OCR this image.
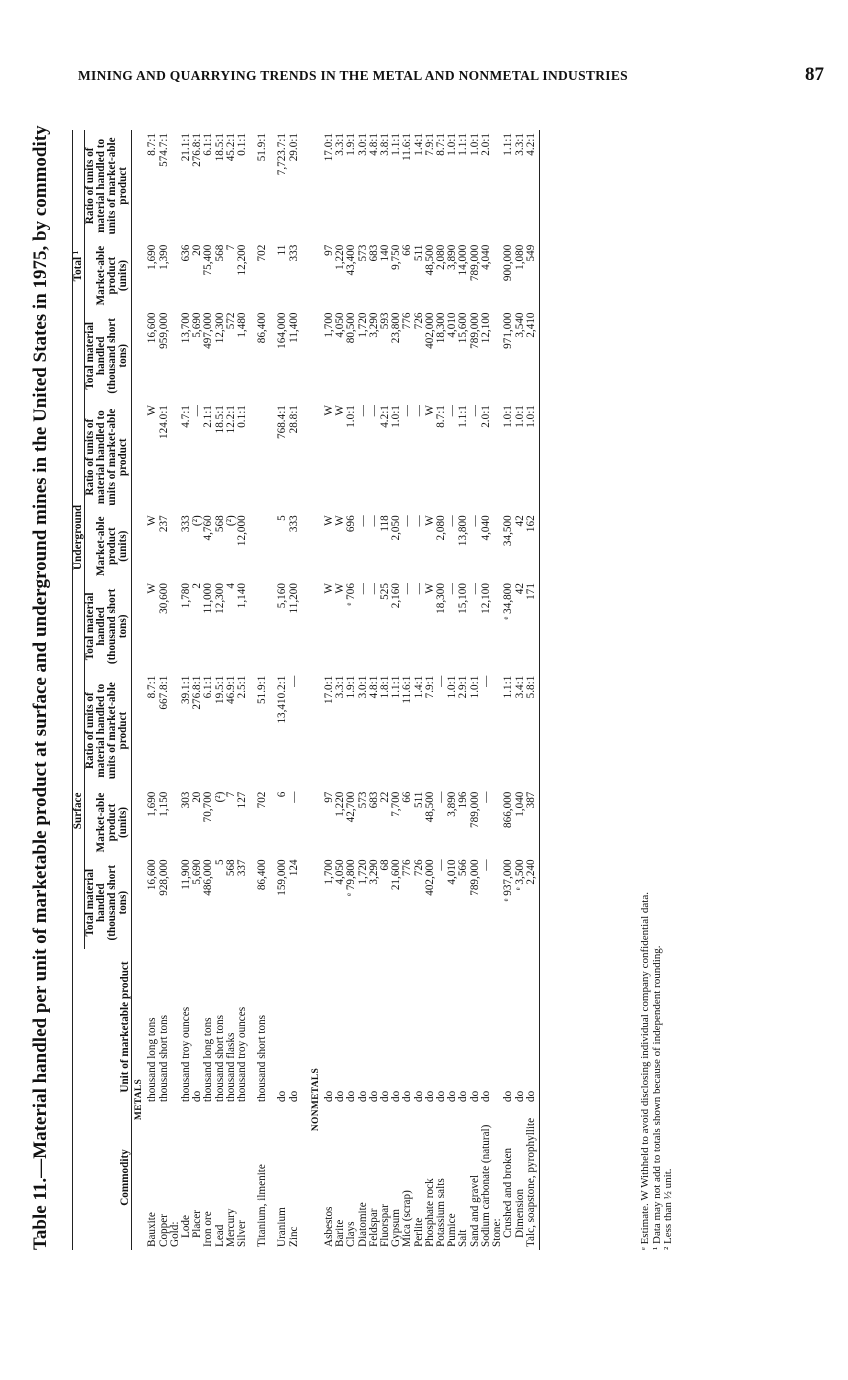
MINING AND QUARRYING TRENDS IN THE METAL AND NONMETAL INDUSTRIES	87
Table 11.—Material handled per unit of marketable product at surface and underground mines in the United States in 1975, by commodity	Commodity	Unit of marketable product	Surface			Underground			Total ¹		
		Total material handled (thousand short tons)	Market-able product (units)	Ratio of units of material handled to units of market-able product	Total material handled (thousand short tons)	Market-able product (units)	Ratio of units of material handled to units of market-able product	Total material handled (thousand short tons)	Market-able product (units)	Ratio of units of material handled to units of market-able product
METALS										
Bauxite	thousand long tons	16,600	1,690	8.7:1	W	W	W	16,600	1,690	8.7:1
Copper	thousand short tons	928,000	1,150	667.8:1	30,600	237	124.0:1	959,000	1,390	574.7:1
Gold:										
Lode	thousand troy ounces	11,900	303	39.1:1	1,780	333	4.7:1	13,700	636	21.1:1
Placer	do	5,690	20	276.8:1	2	(²)	—	5,690	20	276.8:1
Iron ore	thousand long tons	486,000	70,700	6.1:1	11,000	4,760	2.1:1	497,000	75,400	6.1:1
Lead	thousand short tons	5	(²)	19.5:1	12,300	568	18.5:1	12,300	568	18.5:1
Mercury	thousand flasks	568	7	46.9:1	4	(²)	12.2:1	572	7	45.2:1
Silver	thousand troy ounces	337	127	2.5:1	1,140	12,000	0.1:1	1,480	12,200	0.1:1

Titanium, ilmenite	thousand short tons	86,400	702	51.9:1				86,400	702	51.9:1

Uranium	do	159,000	6	13,410.2:1	5,160	5	768.4:1	164,000	11	7,723.7:1
Zinc	do	124	—	—	11,200	333	28.8:1	11,400	333	29.0:1

NONMETALS										
Asbestos	do	1,700	97	17.0:1	W	W	W	1,700	97	17.0:1
Barite	do	4,050	1,220	3.3:1	W	W	W	4,050	1,220	3.3:1
Clays	do	ᵉ 79,800	42,700	1.9:1	ᵉ 706	696	1.0:1	80,500	43,400	1.9:1
Diatomite	do	1,720	573	3.0:1	—	—	—	1,720	573	3.0:1
Feldspar	do	3,290	683	4.8:1	—	—	—	3,290	683	4.8:1
Fluorspar	do	68	22	1.8:1	525	118	4.2:1	593	140	3.8:1
Gypsum	do	21,600	7,700	1.1:1	2,160	2,050	1.0:1	23,800	9,750	1.1:1
Mica (scrap)	do	776	66	11.6:1	—	—	—	776	66	11.6:1
Perlite	do	726	511	1.4:1	—	—	—	726	511	1.4:1
Phosphate rock	do	402,000	48,500	7.9:1	W	W	W	402,000	48,500	7.9:1
Potassium salts	do	—	—	—	18,300	2,080	8.7:1	18,300	2,080	8.7:1
Pumice	do	4,010	3,890	1.0:1	—	—	—	4,010	3,890	1.0:1
Salt	do	566	196	2.9:1	15,100	13,800	1.1:1	15,600	14,000	1.1:1
Sand and gravel	do	789,000	789,000	1.0:1	—	—	—	789,000	789,000	1.0:1
Sodium carbonate (natural)	do	—	—	—	12,100	4,040	2.0:1	12,100	4,040	2.0:1
Stone:										
Crushed and broken	do	ᵉ 937,000	866,000	1.1:1	ᵉ 34,800	34,500	1.0:1	971,000	900,000	1.1:1
Dimension	do	ᵉ 3,500	1,040	3.4:1	42	42	1.0:1	3,540	1,080	3.3:1
Talc, soapstone, pyrophyllite	do	2,240	387	5.8:1	171	162	1.0:1	2,410	549	4.2:1
ᵉ Estimate. W Withheld to avoid disclosing individual company confidential data. ¹ Data may not add to totals shown because of independent rounding. ² Less than ½ unit.
